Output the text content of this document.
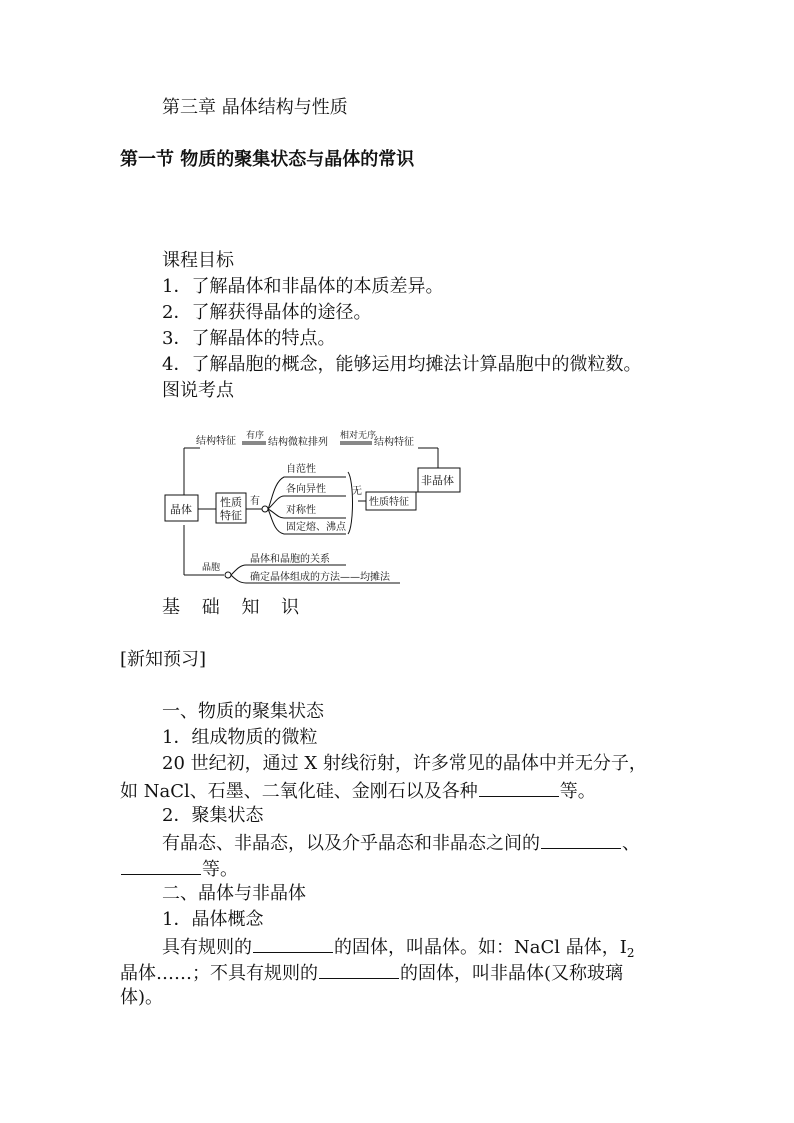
第三章 晶体结构与性质
第一节 物质的聚集状态与晶体的常识
课程目标
1．了解晶体和非晶体的本质差异。
2．了解获得晶体的途径。
3．了解晶体的特点。
4．了解晶胞的概念，能够运用均摊法计算晶胞中的微粒数。
图说考点
结构特征 有序
结构微粒排列
相对无序
结构特征
非晶体
晶体
性质
特征
有
自范性
各向异性
对称性
固定熔、沸点
无
性质特征
晶胞
晶体和晶胞的关系
确定晶体组成的方法——均摊法
基 础 知 识
[新知预习]
一、物质的聚集状态
1．组成物质的微粒
20 世纪初，通过 X 射线衍射，许多常见的晶体中并无分子，
如 NaCl、石墨、二氧化硅、金刚石以及各种	等。
2．聚集状态
有晶态、非晶态，以及介乎晶态和非晶态之间的	、
等。
二、晶体与非晶体
1．晶体概念
具有规则的	的固体，叫晶体。如：NaCl 晶体，$I_2$
晶体……；不具有规则的	的固体，叫非晶体(又称玻璃
体)。
